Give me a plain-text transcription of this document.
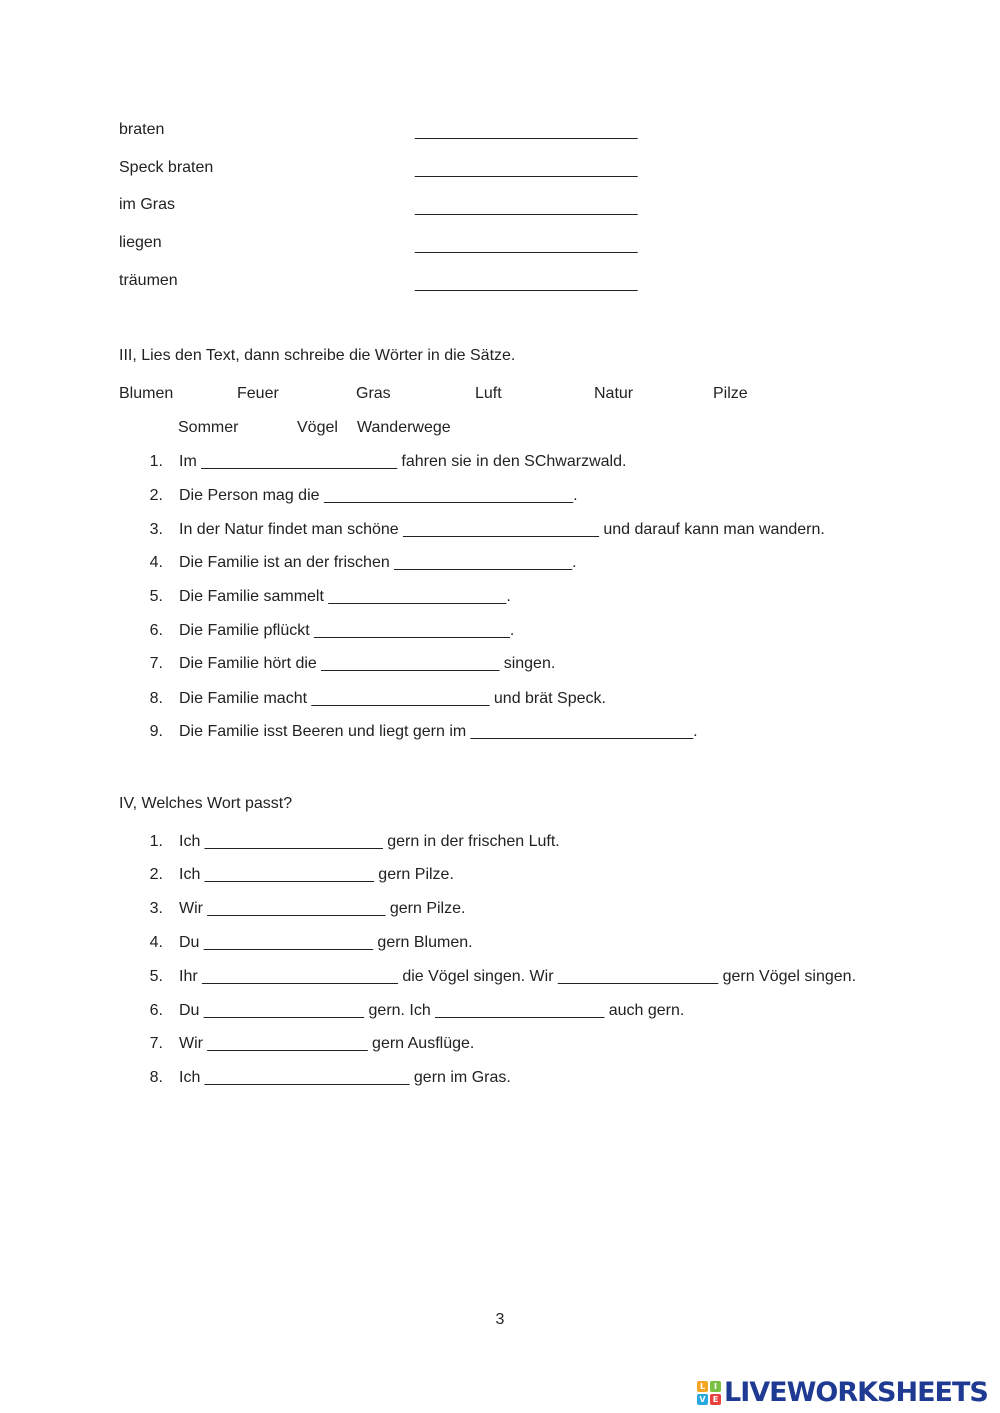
braten	_________________________
Speck braten	_________________________
im Gras	_________________________
liegen	_________________________
träumen	_________________________
III, Lies den Text, dann schreibe die Wörter in die Sätze.
Blumen	Feuer	Gras	Luft	Natur	Pilze
Sommer	Vögel Wanderwege
1. Im ______________________ fahren sie in den SChwarzwald.
2. Die Person mag die ____________________________.
3. In der Natur findet man schöne ______________________ und darauf kann man wandern.
4. Die Familie ist an der frischen ____________________.
5. Die Familie sammelt ____________________.
6. Die Familie pflückt ______________________.
7. Die Familie hört die ____________________ singen.
8. Die Familie macht ____________________ und brät Speck.
9. Die Familie isst Beeren und liegt gern im _________________________.
IV, Welches Wort passt?
1. Ich ____________________ gern in der frischen Luft.
2. Ich ___________________ gern Pilze.
3. Wir ____________________ gern Pilze.
4. Du ___________________ gern Blumen.
5. Ihr ______________________ die Vögel singen. Wir __________________ gern Vögel singen.
6. Du __________________ gern. Ich ___________________ auch gern.
7. Wir __________________ gern Ausflüge.
8. Ich _______________________ gern im Gras.
3
L	I
V E LIVEWORKSHEETS
